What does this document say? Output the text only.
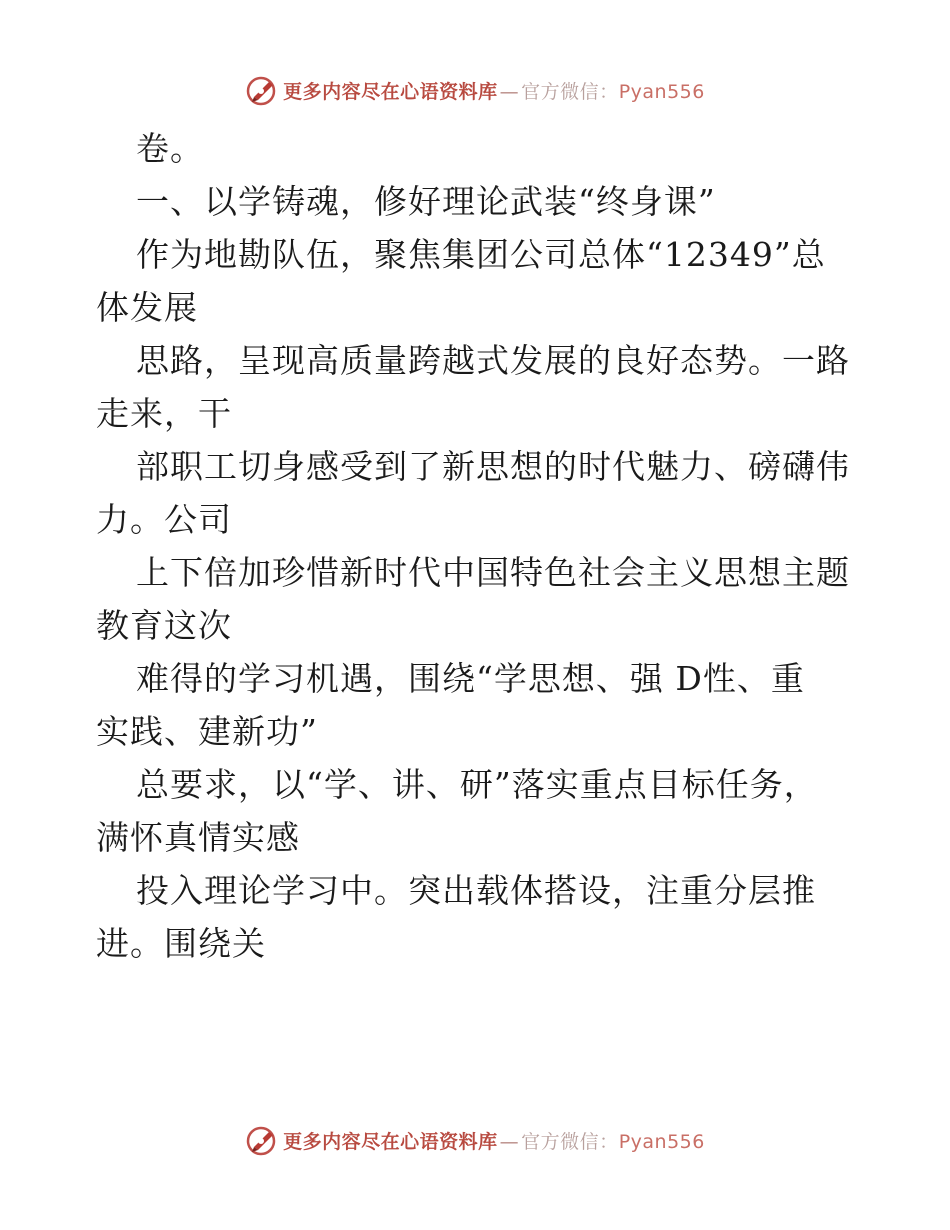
更多内容尽在心语资料库 — 官方微信：Pyan556
卷。
一、以学铸魂，修好理论武装“终身课”
作为地勘队伍，聚焦集团公司总体“12349”总
体发展
思路，呈现高质量跨越式发展的良好态势。一路
走来，干
部职工切身感受到了新思想的时代魅力、磅礴伟
力。公司
上下倍加珍惜新时代中国特色社会主义思想主题
教育这次
难得的学习机遇，围绕“学思想、强 D性、重
实践、建新功”
总要求，以“学、讲、研”落实重点目标任务，
满怀真情实感
投入理论学习中。突出载体搭设，注重分层推
进。围绕关
更多内容尽在心语资料库 — 官方微信：Pyan556
